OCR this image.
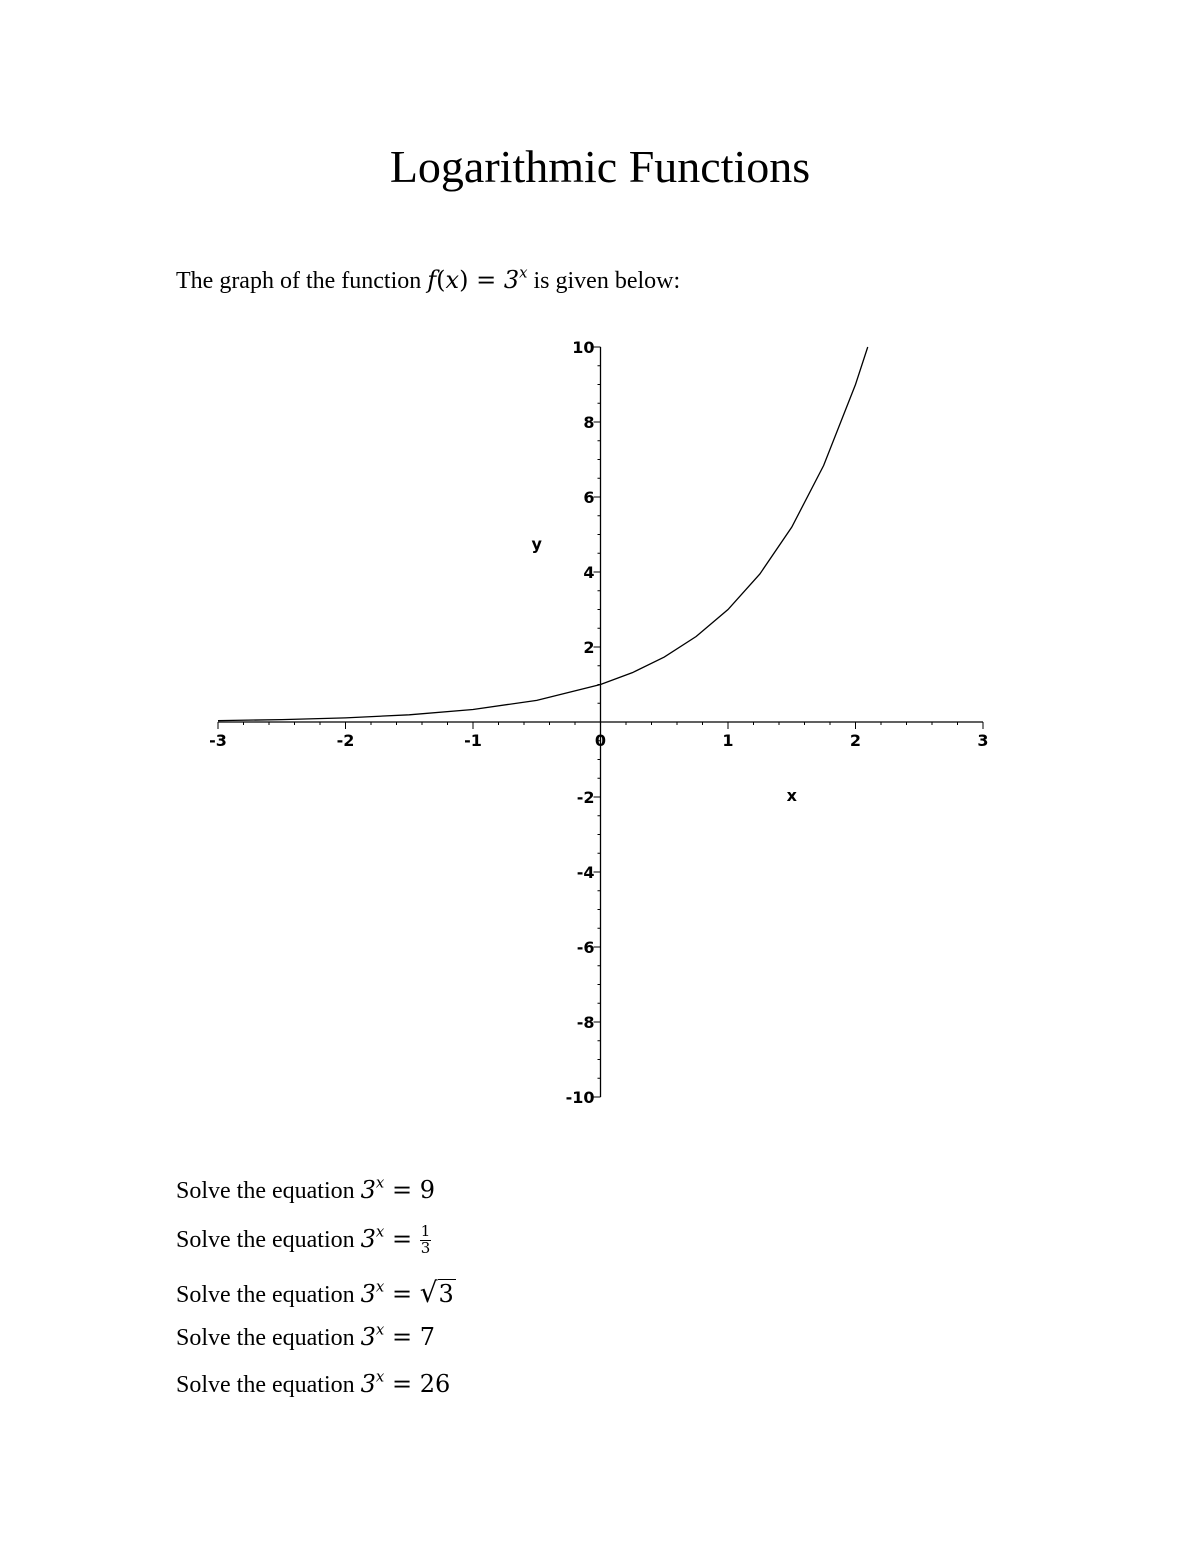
Logarithmic Functions
The graph of the function $f(x) = 3^x$ is given below:
-3	-2	-1	0	1	2	3
10
8
6
4
2
-2
-4
-6
-8
-10
x
y
Solve the equation $3^x = 9$
Solve the equation $3^x = \frac{1}{3}$
Solve the equation $3^x = √3$
Solve the equation $3^x = 7$
Solve the equation $3^x = 26$
